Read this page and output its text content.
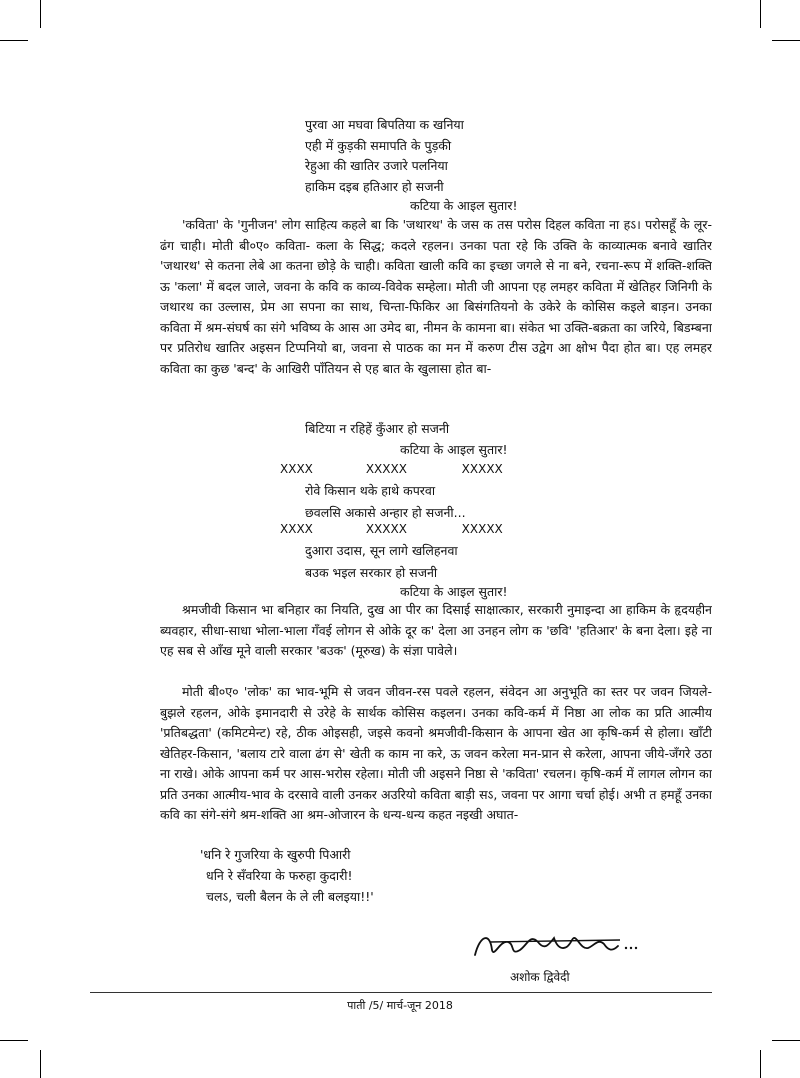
पुरवा आ मघवा बिपतिया क खनिया
एही में कुड़की समापति के पुड़की
रेहुआ की खातिर उजारे पलनिया
हाकिम दइब हतिआर हो सजनी
कटिया के आइल सुतार!
'कविता' के 'गुनीजन' लोग साहित्य कहले बा कि 'जथारथ' के जस क तस परोस दिहल कविता ना हऽ। परोसहूँ के लूर-ढंग चाही। मोती बी०ए० कविता- कला के सिद्ध; कदले रहलन। उनका पता रहे कि उक्ति के काव्यात्मक बनावे खातिर 'जथारथ' से कतना लेबे आ कतना छोड़े के चाही। कविता खाली कवि का इच्छा जगले से ना बने, रचना-रूप में शक्ति-शक्ति ऊ 'कला' में बदल जाले, जवना के कवि क काव्य-विवेक सम्हेला। मोती जी आपना एह लमहर कविता में खेतिहर जिनिगी के जथारथ का उल्लास, प्रेम आ सपना का साथ, चिन्ता-फिकिर आ बिसंगतियनो के उकेरे के कोसिस कइले बाड़न। उनका कविता में श्रम-संघर्ष का संगे भविष्य के आस आ उमेद बा, नीमन के कामना बा। संकेत भा उक्ति-बक्रता का जरिये, बिडम्बना पर प्रतिरोध खातिर अइसन टिप्पनियो बा, जवना से पाठक का मन में करुण टीस उद्वेग आ क्षोभ पैदा होत बा। एह लमहर कविता का कुछ 'बन्द' के आखिरी पाँतियन से एह बात के खुलासा होत बा-
बिटिया न रहिहें कुँआर हो सजनी
कटिया के आइल सुतार!
XXXX	XXXXX	XXXXX
रोवे किसान थके हाथे कपरवा
छवलसि अकासे अन्हार हो सजनी...
XXXX	XXXXX	XXXXX
दुआरा उदास, सून लागे खलिहनवा
बउक भइल सरकार हो सजनी
कटिया के आइल सुतार!
श्रमजीवी किसान भा बनिहार का नियति, दुख आ पीर का दिसाई साक्षात्कार, सरकारी नुमाइन्दा आ हाकिम के हृदयहीन ब्यवहार, सीधा-साधा भोला-भाला गँवई लोगन से ओके दूर क' देला आ उनहन लोग क 'छवि' 'हतिआर' के बना देला। इहे ना एह सब से आँख मूने वाली सरकार 'बउक' (मूरुख) के संज्ञा पावेले।
मोती बी०ए० 'लोक' का भाव-भूमि से जवन जीवन-रस पवले रहलन, संवेदन आ अनुभूति का स्तर पर जवन जियले-बुझले रहलन, ओके इमानदारी से उरेहे के सार्थक कोसिस कइलन। उनका कवि-कर्म में निष्ठा आ लोक का प्रति आत्मीय 'प्रतिबद्धता' (कमिटमेन्ट) रहे, ठीक ओइसही, जइसे कवनो श्रमजीवी-किसान के आपना खेत आ कृषि-कर्म से होला। खाँटी खेतिहर-किसान, 'बलाय टारे वाला ढंग से' खेती क काम ना करे, ऊ जवन करेला मन-प्रान से करेला, आपना जीये-जँगरे उठा ना राखे। ओके आपना कर्म पर आस-भरोस रहेला। मोती जी अइसने निष्ठा से 'कविता' रचलन। कृषि-कर्म में लागल लोगन का प्रति उनका आत्मीय-भाव के दरसावे वाली उनकर अउरियो कविता बाड़ी सऽ, जवना पर आगा चर्चा होई। अभी त हमहूँ उनका कवि का संगे-संगे श्रम-शक्ति आ श्रम-ओजारन के धन्य-धन्य कहत नइखी अघात-
'धनि रे गुजरिया के खुरुपी पिआरी
धनि रे सँवरिया के फरुहा कुदारी!
चलऽ, चली बैलन के ले ली बलइया!!'
अशोक द्विवेदी
पाती /5/ मार्च-जून 2018
